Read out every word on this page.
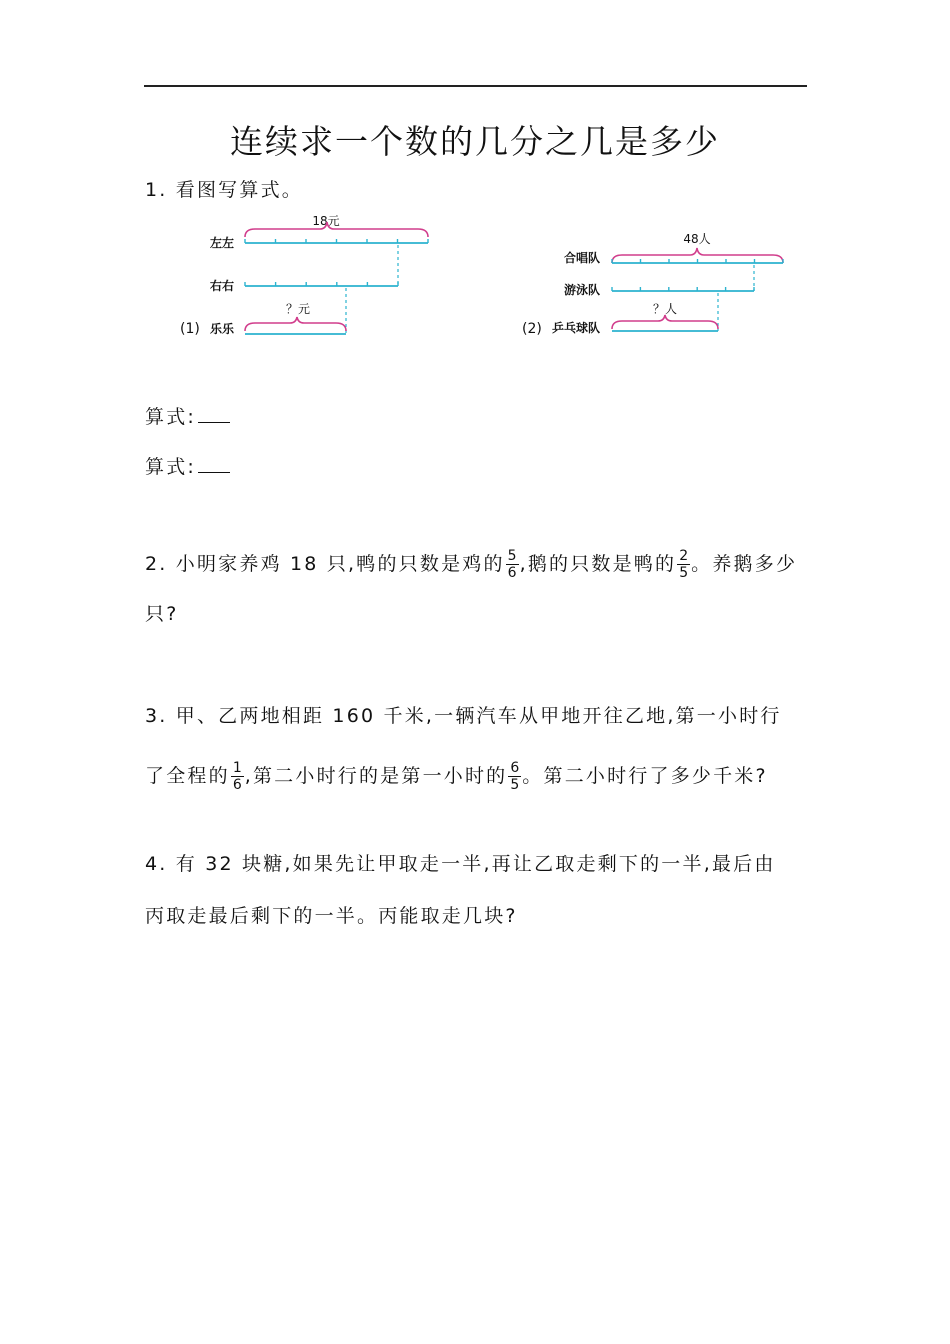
连续求一个数的几分之几是多少
1. 看图写算式。
18元
左左
右右
？元
(1) 乐乐
48人
合唱队
游泳队
？人
(2) 乒乓球队
算式:
算式:
2. 小明家养鸡 18 只,鸭的只数是鸡的 $\frac{5}{6}$ ,鹅的只数是鸭的 $\frac{2}{5}$ 。养鹅多少
只?
3. 甲、乙两地相距 160 千米,一辆汽车从甲地开往乙地,第一小时行
了全程的 $\frac{1}{6}$ ,第二小时行的是第一小时的 $\frac{6}{5}$ 。第二小时行了多少千米?
4. 有 32 块糖,如果先让甲取走一半,再让乙取走剩下的一半,最后由
丙取走最后剩下的一半。丙能取走几块?
